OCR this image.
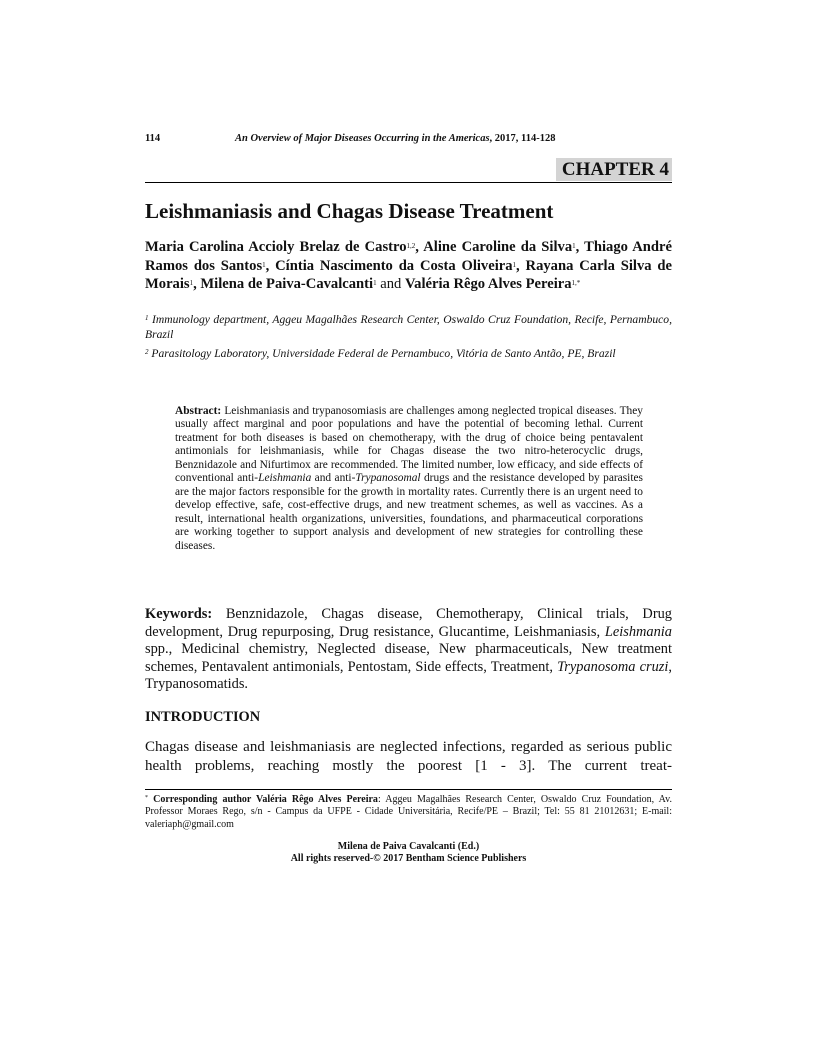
114	An Overview of Major Diseases Occurring in the Americas, 2017, 114-128
CHAPTER 4
Leishmaniasis and Chagas Disease Treatment

Maria Carolina Accioly Brelaz de Castro$^{1,2}$, Aline Caroline da Silva$^1$, Thiago André Ramos dos Santos$^1$, Cíntia Nascimento da Costa Oliveira$^1$, Rayana Carla Silva de Morais$^1$, Milena de Paiva-Cavalcanti$^1$ and Valéria Rêgo Alves Pereira$^{1,*}$

$^1$ Immunology department, Aggeu Magalhães Research Center, Oswaldo Cruz Foundation, Recife, Pernambuco, Brazil

$^2$ Parasitology Laboratory, Universidade Federal de Pernambuco, Vitória de Santo Antão, PE, Brazil

Abstract: Leishmaniasis and trypanosomiasis are challenges among neglected tropical diseases. They usually affect marginal and poor populations and have the potential of becoming lethal. Current treatment for both diseases is based on chemotherapy, with the drug of choice being pentavalent antimonials for leishmaniasis, while for Chagas disease the two nitro-heterocyclic drugs, Benznidazole and Nifurtimox are recommended. The limited number, low efficacy, and side effects of conventional anti-Leishmania and anti-Trypanosomal drugs and the resistance developed by parasites are the major factors responsible for the growth in mortality rates. Currently there is an urgent need to develop effective, safe, cost-effective drugs, and new treatment schemes, as well as vaccines. As a result, international health organizations, universities, foundations, and pharmaceutical corporations are working together to support analysis and development of new strategies for controlling these diseases.

Keywords: Benznidazole, Chagas disease, Chemotherapy, Clinical trials, Drug development, Drug repurposing, Drug resistance, Glucantime, Leishmaniasis, Leishmania spp., Medicinal chemistry, Neglected disease, New pharmaceuticals, New treatment schemes, Pentavalent antimonials, Pentostam, Side effects, Treatment, Trypanosoma cruzi, Trypanosomatids.

INTRODUCTION

Chagas disease and leishmaniasis are neglected infections, regarded as serious public health problems, reaching mostly the poorest [1 - 3]. The current treat-

* Corresponding author Valéria Rêgo Alves Pereira: Aggeu Magalhães Research Center, Oswaldo Cruz Foundation, Av. Professor Moraes Rego, s/n - Campus da UFPE - Cidade Universitária, Recife/PE – Brazil; Tel: 55 81 21012631; E-mail: valeriaph@gmail.com

Milena de Paiva Cavalcanti (Ed.)
All rights reserved-© 2017 Bentham Science Publishers
